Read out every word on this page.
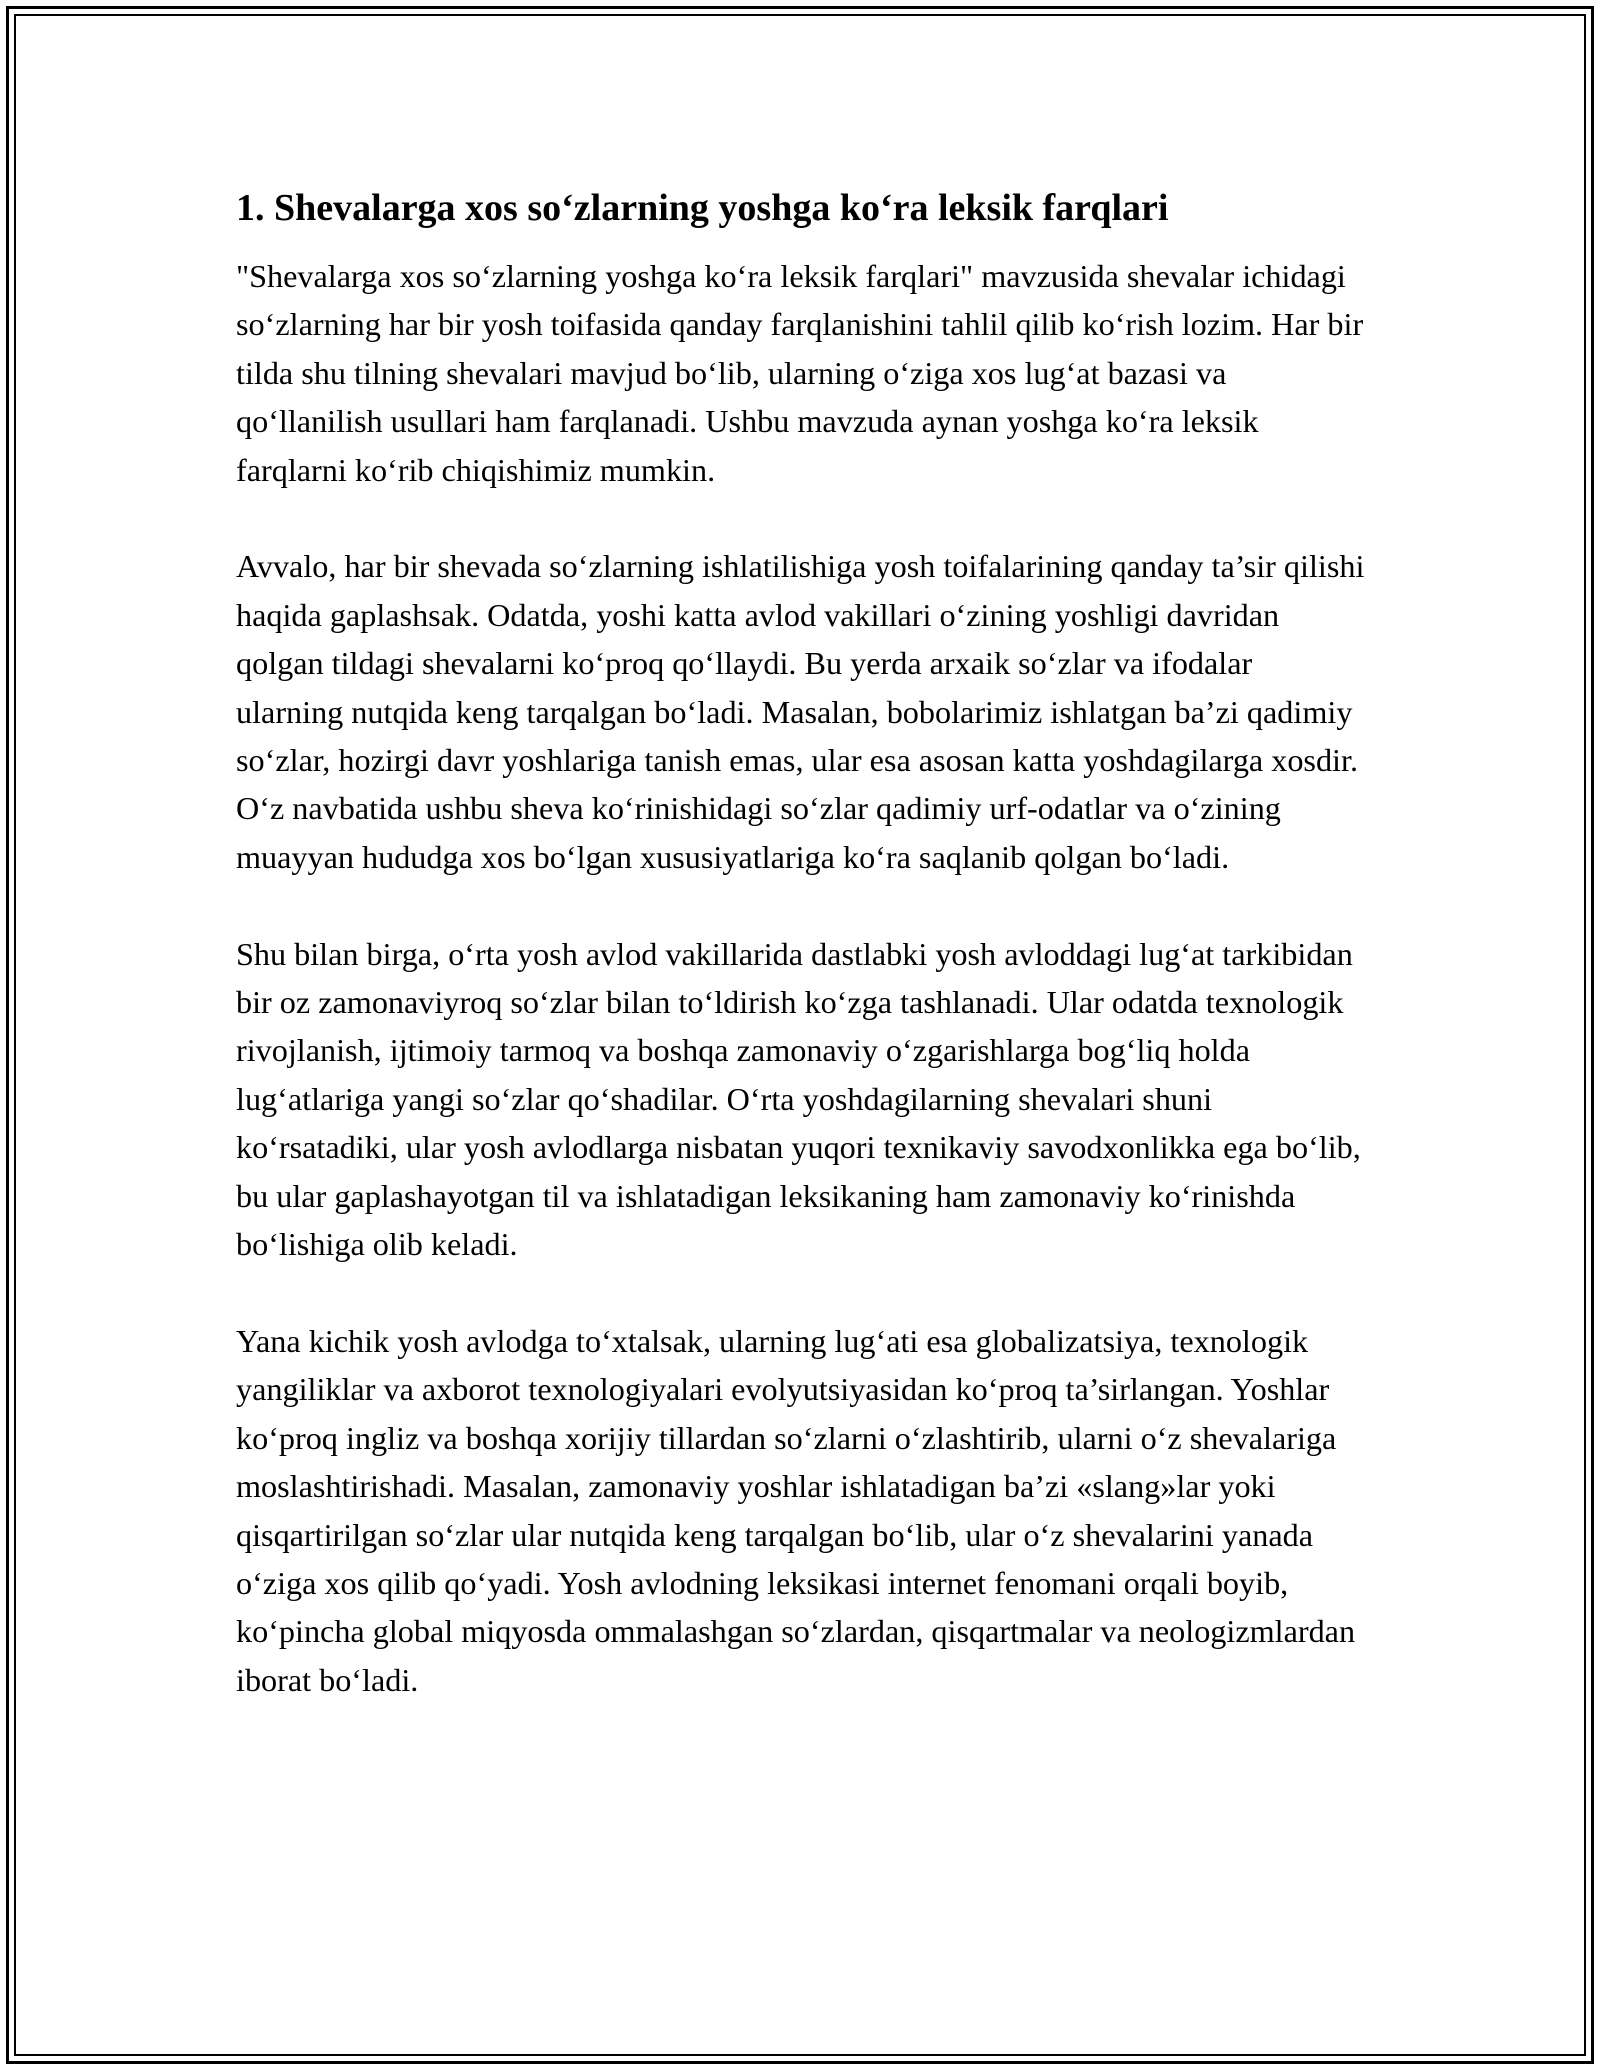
1. Shevalarga xos so‘zlarning yoshga ko‘ra leksik farqlari

"Shevalarga xos so‘zlarning yoshga ko‘ra leksik farqlari" mavzusida shevalar ichidagi so‘zlarning har bir yosh toifasida qanday farqlanishini tahlil qilib ko‘rish lozim. Har bir tilda shu tilning shevalari mavjud bo‘lib, ularning o‘ziga xos lug‘at bazasi va qo‘llanilish usullari ham farqlanadi. Ushbu mavzuda aynan yoshga ko‘ra leksik farqlarni ko‘rib chiqishimiz mumkin.

Avvalo, har bir shevada so‘zlarning ishlatilishiga yosh toifalarining qanday ta’sir qilishi haqida gaplashsak. Odatda, yoshi katta avlod vakillari o‘zining yoshligi davridan qolgan tildagi shevalarni ko‘proq qo‘llaydi. Bu yerda arxaik so‘zlar va ifodalar ularning nutqida keng tarqalgan bo‘ladi. Masalan, bobolarimiz ishlatgan ba’zi qadimiy so‘zlar, hozirgi davr yoshlariga tanish emas, ular esa asosan katta yoshdagilarga xosdir. O‘z navbatida ushbu sheva ko‘rinishidagi so‘zlar qadimiy urf-odatlar va o‘zining muayyan hududga xos bo‘lgan xususiyatlariga ko‘ra saqlanib qolgan bo‘ladi.

Shu bilan birga, o‘rta yosh avlod vakillarida dastlabki yosh avloddagi lug‘at tarkibidan bir oz zamonaviyroq so‘zlar bilan to‘ldirish ko‘zga tashlanadi. Ular odatda texnologik rivojlanish, ijtimoiy tarmoq va boshqa zamonaviy o‘zgarishlarga bog‘liq holda lug‘atlariga yangi so‘zlar qo‘shadilar. O‘rta yoshdagilarning shevalari shuni ko‘rsatadiki, ular yosh avlodlarga nisbatan yuqori texnikaviy savodxonlikka ega bo‘lib, bu ular gaplashayotgan til va ishlatadigan leksikaning ham zamonaviy ko‘rinishda bo‘lishiga olib keladi.

Yana kichik yosh avlodga to‘xtalsak, ularning lug‘ati esa globalizatsiya, texnologik yangiliklar va axborot texnologiyalari evolyutsiyasidan ko‘proq ta’sirlangan. Yoshlar ko‘proq ingliz va boshqa xorijiy tillardan so‘zlarni o‘zlashtirib, ularni o‘z shevalariga moslashtirishadi. Masalan, zamonaviy yoshlar ishlatadigan ba’zi «slang»lar yoki qisqartirilgan so‘zlar ular nutqida keng tarqalgan bo‘lib, ular o‘z shevalarini yanada o‘ziga xos qilib qo‘yadi. Yosh avlodning leksikasi internet fenomani orqali boyib, ko‘pincha global miqyosda ommalashgan so‘zlardan, qisqartmalar va neologizmlardan iborat bo‘ladi.
